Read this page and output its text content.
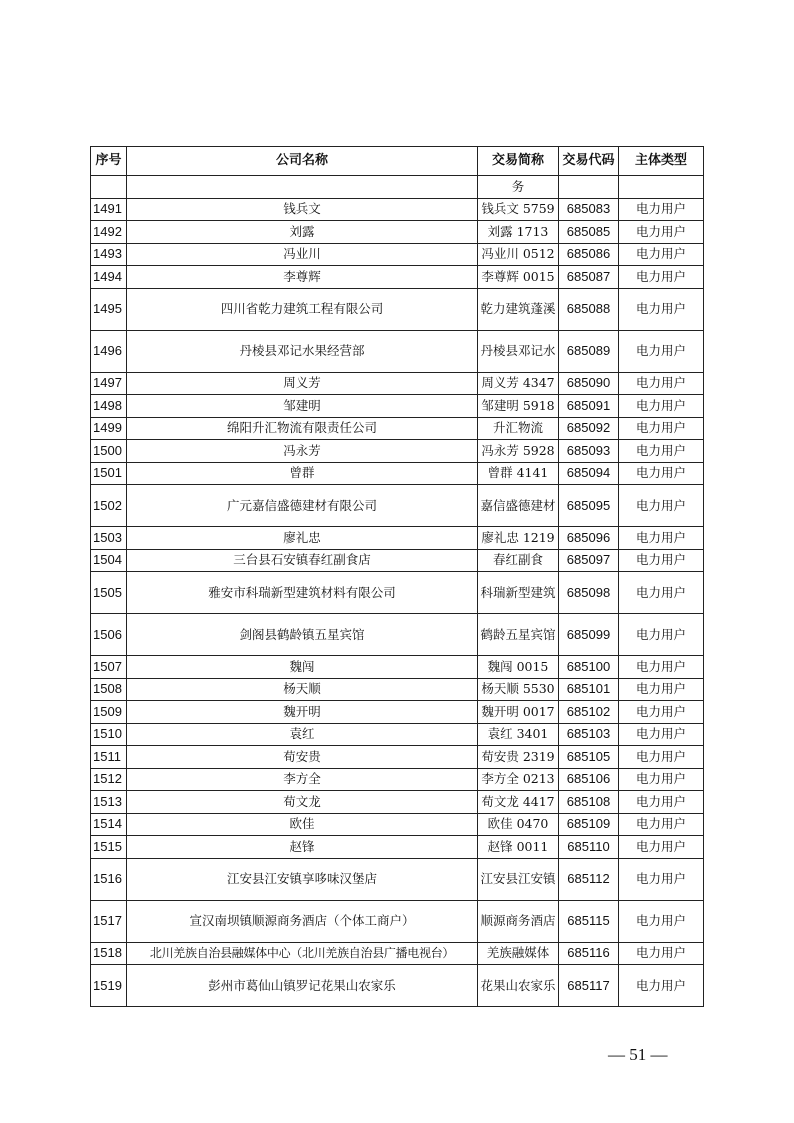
序号	公司名称	交易简称	交易代码	主体类型
		务		
1491	钱兵文	钱兵文 5759	685083	电力用户
1492	刘露	刘露 1713	685085	电力用户
1493	冯业川	冯业川 0512	685086	电力用户
1494	李尊辉	李尊辉 0015	685087	电力用户
1495	四川省乾力建筑工程有限公司	乾力建筑蓬溪	685088	电力用户
1496	丹棱县邓记水果经营部	丹棱县邓记水	685089	电力用户
1497	周义芳	周义芳 4347	685090	电力用户
1498	邹建明	邹建明 5918	685091	电力用户
1499	绵阳升汇物流有限责任公司	升汇物流	685092	电力用户
1500	冯永芳	冯永芳 5928	685093	电力用户
1501	曾群	曾群 4141	685094	电力用户
1502	广元嘉信盛德建材有限公司	嘉信盛德建材	685095	电力用户
1503	廖礼忠	廖礼忠 1219	685096	电力用户
1504	三台县石安镇春红副食店	春红副食	685097	电力用户
1505	雅安市科瑞新型建筑材料有限公司	科瑞新型建筑	685098	电力用户
1506	剑阁县鹤龄镇五星宾馆	鹤龄五星宾馆	685099	电力用户
1507	魏闯	魏闯 0015	685100	电力用户
1508	杨天顺	杨天顺 5530	685101	电力用户
1509	魏开明	魏开明 0017	685102	电力用户
1510	袁红	袁红 3401	685103	电力用户
1511	荀安贵	荀安贵 2319	685105	电力用户
1512	李方全	李方全 0213	685106	电力用户
1513	荀文龙	荀文龙 4417	685108	电力用户
1514	欧佳	欧佳 0470	685109	电力用户
1515	赵锋	赵锋 0011	685110	电力用户
1516	江安县江安镇享哆味汉堡店	江安县江安镇	685112	电力用户
1517	宣汉南坝镇顺源商务酒店（个体工商户）	顺源商务酒店	685115	电力用户
1518	北川羌族自治县融媒体中心（北川羌族自治县广播电视台）	羌族融媒体	685116	电力用户
1519	彭州市葛仙山镇罗记花果山农家乐	花果山农家乐	685117	电力用户
— 51 —
